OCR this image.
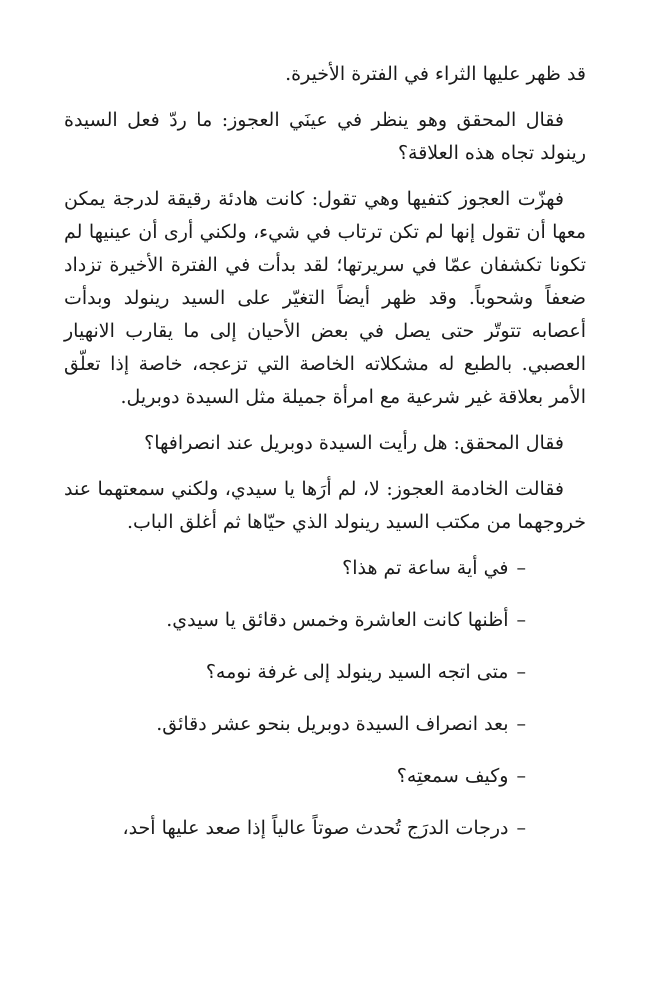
قد ظهر عليها الثراء في الفترة الأخيرة.

فقال المحقق وهو ينظر في عينَي العجوز: ما ردّ فعل السيدة رينولد تجاه هذه العلاقة؟

فهزّت العجوز كتفيها وهي تقول: كانت هادئة رقيقة لدرجة يمكن معها أن تقول إنها لم تكن ترتاب في شيء، ولكني أرى أن عينيها لم تكونا تكشفان عمّا في سريرتها؛ لقد بدأت في الفترة الأخيرة تزداد ضعفاً وشحوباً. وقد ظهر أيضاً التغيّر على السيد رينولد وبدأت أعصابه تتوتّر حتى يصل في بعض الأحيان إلى ما يقارب الانهيار العصبي. بالطبع له مشكلاته الخاصة التي تزعجه، خاصة إذا تعلّق الأمر بعلاقة غير شرعية مع امرأة جميلة مثل السيدة دوبريل.

فقال المحقق: هل رأيت السيدة دوبريل عند انصرافها؟

فقالت الخادمة العجوز: لا، لم أرَها يا سيدي، ولكني سمعتهما عند خروجهما من مكتب السيد رينولد الذي حيّاها ثم أغلق الباب.

–في أية ساعة تم هذا؟

–أظنها كانت العاشرة وخمس دقائق يا سيدي.

–متى اتجه السيد رينولد إلى غرفة نومه؟

–بعد انصراف السيدة دوبريل بنحو عشر دقائق.

–وكيف سمعتِه؟

–درجات الدرَج تُحدث صوتاً عالياً إذا صعد عليها أحد،
